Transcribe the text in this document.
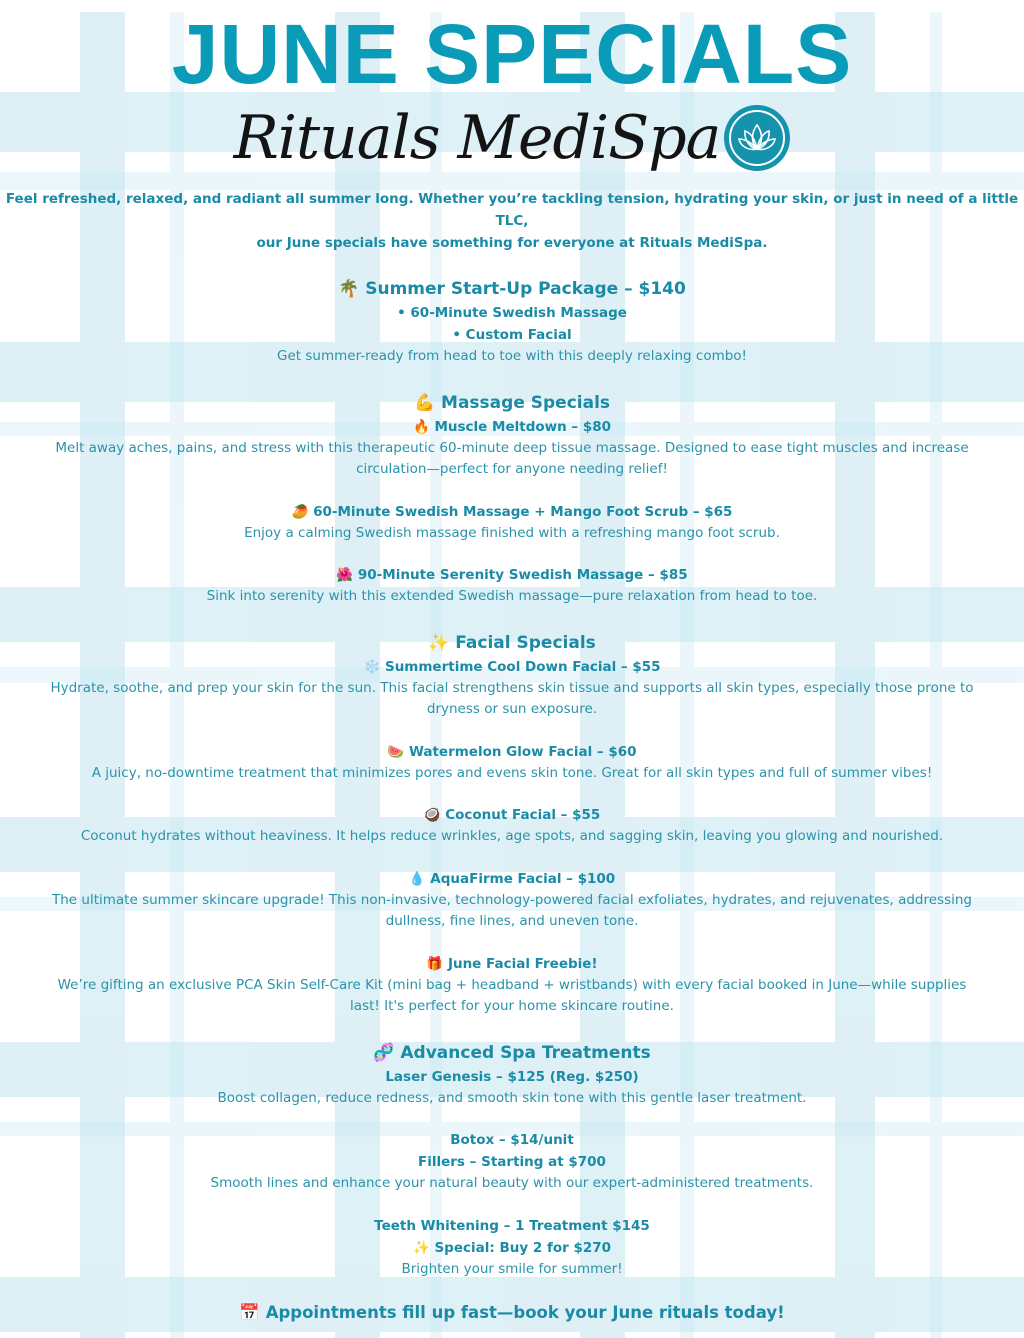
JUNE SPECIALS
Rituals MediSpa
Feel refreshed, relaxed, and radiant all summer long. Whether you’re tackling tension, hydrating your skin, or just in need of a little TLC,
our June specials have something for everyone at Rituals MediSpa.
🌴 Summer Start-Up Package – $140
• 60-Minute Swedish Massage
• Custom Facial
Get summer-ready from head to toe with this deeply relaxing combo!
💪 Massage Specials
🔥 Muscle Meltdown – $80
Melt away aches, pains, and stress with this therapeutic 60-minute deep tissue massage. Designed to ease tight muscles and increase
circulation—perfect for anyone needing relief!
🥭 60-Minute Swedish Massage + Mango Foot Scrub – $65
Enjoy a calming Swedish massage finished with a refreshing mango foot scrub.
🌺 90-Minute Serenity Swedish Massage – $85
Sink into serenity with this extended Swedish massage—pure relaxation from head to toe.
✨ Facial Specials
❄️ Summertime Cool Down Facial – $55
Hydrate, soothe, and prep your skin for the sun. This facial strengthens skin tissue and supports all skin types, especially those prone to
dryness or sun exposure.
🍉 Watermelon Glow Facial – $60
A juicy, no-downtime treatment that minimizes pores and evens skin tone. Great for all skin types and full of summer vibes!
🥥 Coconut Facial – $55
Coconut hydrates without heaviness. It helps reduce wrinkles, age spots, and sagging skin, leaving you glowing and nourished.
💧 AquaFirme Facial – $100
The ultimate summer skincare upgrade! This non-invasive, technology-powered facial exfoliates, hydrates, and rejuvenates, addressing
dullness, fine lines, and uneven tone.
🎁 June Facial Freebie!
We’re gifting an exclusive PCA Skin Self-Care Kit (mini bag + headband + wristbands) with every facial booked in June—while supplies
last! It's perfect for your home skincare routine.
🧬 Advanced Spa Treatments
Laser Genesis – $125 (Reg. $250)
Boost collagen, reduce redness, and smooth skin tone with this gentle laser treatment.
Botox – $14/unit
Fillers – Starting at $700
Smooth lines and enhance your natural beauty with our expert-administered treatments.
Teeth Whitening – 1 Treatment $145
✨ Special: Buy 2 for $270
Brighten your smile for summer!
📅 Appointments fill up fast—book your June rituals today!
